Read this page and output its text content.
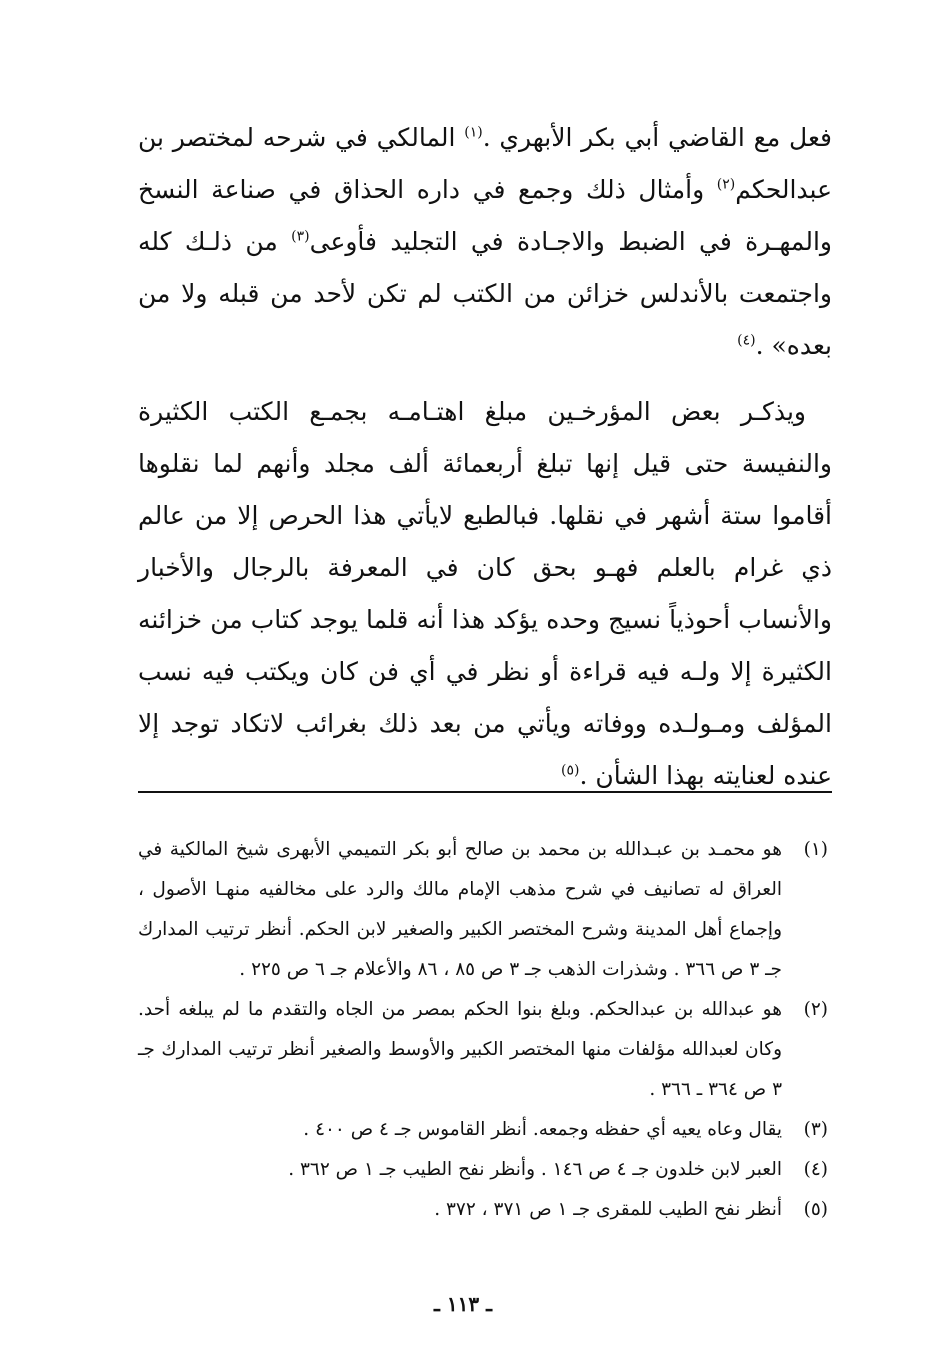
فعل مع القاضي أبي بكر الأبهري .$^{(١)}$ المالكي في شرحه لمختصر بن عبدالحكم$^{(٢)}$ وأمثال ذلك وجمع في داره الحذاق في صناعة النسخ والمهـرة في الضبط والاجـادة في التجليد فأوعى$^{(٣)}$ من ذلـك كله واجتمعت بالأندلس خزائن من الكتب لم تكن لأحد من قبله ولا من بعده» .$^{(٤)}$

ويذكـر بعض المؤرخـين مبلغ اهتـامـه بجمـع الكتب الكثيرة والنفيسة حتى قيل إنها تبلغ أربعمائة ألف مجلد وأنهم لما نقلوها أقاموا ستة أشهر في نقلها. فبالطبع لايأتي هذا الحرص إلا من عالم ذي غرام بالعلم فهـو بحق كان في المعرفة بالرجال والأخبار والأنساب أحوذياً نسيج وحده يؤكد هذا أنه قلما يوجد كتاب من خزائنه الكثيرة إلا ولـه فيه قراءة أو نظر في أي فن كان ويكتب فيه نسب المؤلف ومـولـده ووفاته ويأتي من بعد ذلك بغرائب لاتكاد توجد إلا عنده لعنايته بهذا الشأن .$^{(٥)}$

(١)
هو محمـد بن عبـدالله بن محمد بن صالح أبو بكر التميمي الأبهرى شيخ المالكية في العراق له تصانيف في شرح مذهب الإمام مالك والرد على مخالفيه منهـا الأصول ، وإجماع أهل المدينة وشرح المختصر الكبير والصغير لابن الحكم. أنظر ترتيب المدارك جـ ٣ ص ٣٦٦ . وشذرات الذهب جـ ٣ ص ٨٥ ، ٨٦ والأعلام جـ ٦ ص ٢٢٥ .
(٢)
هو عبدالله بن عبدالحكم. وبلغ بنوا الحكم بمصر من الجاه والتقدم ما لم يبلغه أحد. وكان لعبدالله مؤلفات منها المختصر الكبير والأوسط والصغير أنظر ترتيب المدارك جـ ٣ ص ٣٦٤ ـ ٣٦٦ .
(٣)
يقال وعاه يعيه أي حفظه وجمعه. أنظر القاموس جـ ٤ ص ٤٠٠ .
(٤)
العبر لابن خلدون جـ ٤ ص ١٤٦ . وأنظر نفح الطيب جـ ١ ص ٣٦٢ .
(٥)
أنظر نفح الطيب للمقرى جـ ١ ص ٣٧١ ، ٣٧٢ .
ـ ١١٣ ـ
